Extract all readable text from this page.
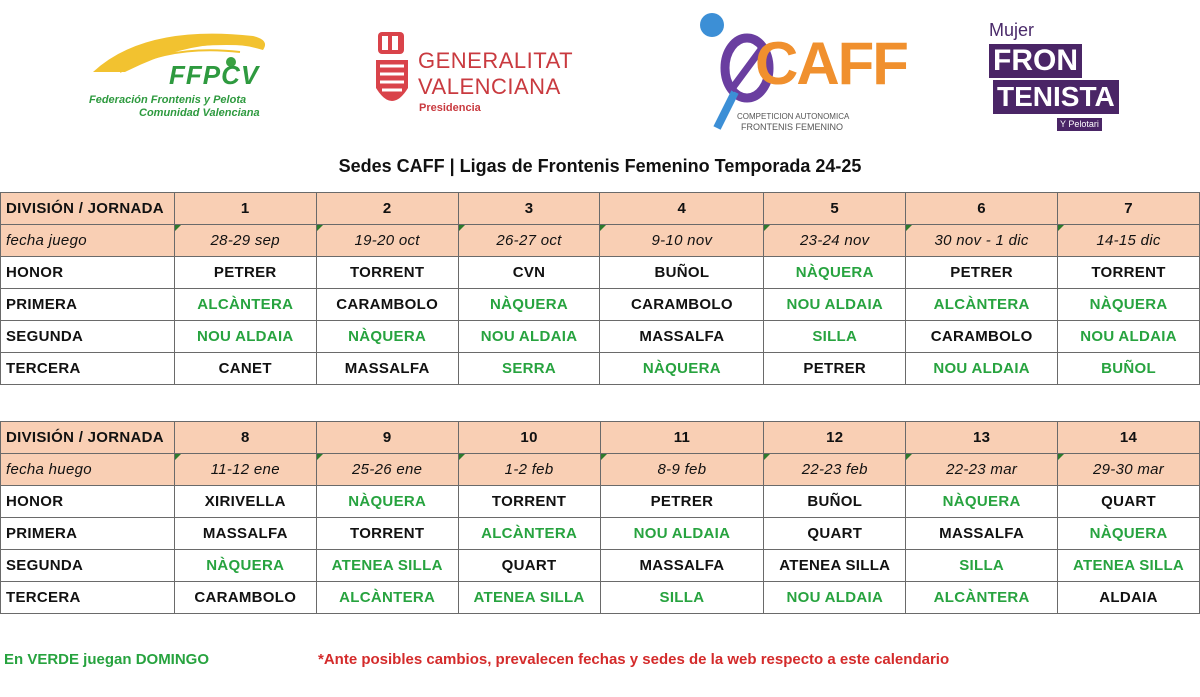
FFPCV
Federación Frontenis y Pelota
Comunidad Valenciana
GENERALITAT
VALENCIANA
Presidencia
CAFF
COMPETICION AUTONOMICA
FRONTENIS FEMENINO
Mujer
FRON
TENISTA
Y Pelotari
Sedes CAFF | Ligas de Frontenis Femenino Temporada 24-25
DIVISIÓN / JORNADA	1	2	3	4	5	6	7
fecha juego	28-29 sep	19-20 oct	26-27 oct	9-10 nov	23-24 nov	30 nov - 1 dic	14-15 dic
HONOR	PETRER	TORRENT	CVN	BUÑOL	NÀQUERA	PETRER	TORRENT
PRIMERA	ALCÀNTERA	CARAMBOLO	NÀQUERA	CARAMBOLO	NOU ALDAIA	ALCÀNTERA	NÀQUERA
SEGUNDA	NOU ALDAIA	NÀQUERA	NOU ALDAIA	MASSALFA	SILLA	CARAMBOLO	NOU ALDAIA
TERCERA	CANET	MASSALFA	SERRA	NÀQUERA	PETRER	NOU ALDAIA	BUÑOL
DIVISIÓN / JORNADA	8	9	10	11	12	13	14
fecha huego	11-12 ene	25-26 ene	1-2 feb	8-9 feb	22-23 feb	22-23 mar	29-30 mar
HONOR	XIRIVELLA	NÀQUERA	TORRENT	PETRER	BUÑOL	NÀQUERA	QUART
PRIMERA	MASSALFA	TORRENT	ALCÀNTERA	NOU ALDAIA	QUART	MASSALFA	NÀQUERA
SEGUNDA	NÀQUERA	ATENEA SILLA	QUART	MASSALFA	ATENEA SILLA	SILLA	ATENEA SILLA
TERCERA	CARAMBOLO	ALCÀNTERA	ATENEA SILLA	SILLA	NOU ALDAIA	ALCÀNTERA	ALDAIA
En VERDE juegan DOMINGO	*Ante posibles cambios, prevalecen fechas y sedes de la web respecto a este calendario
